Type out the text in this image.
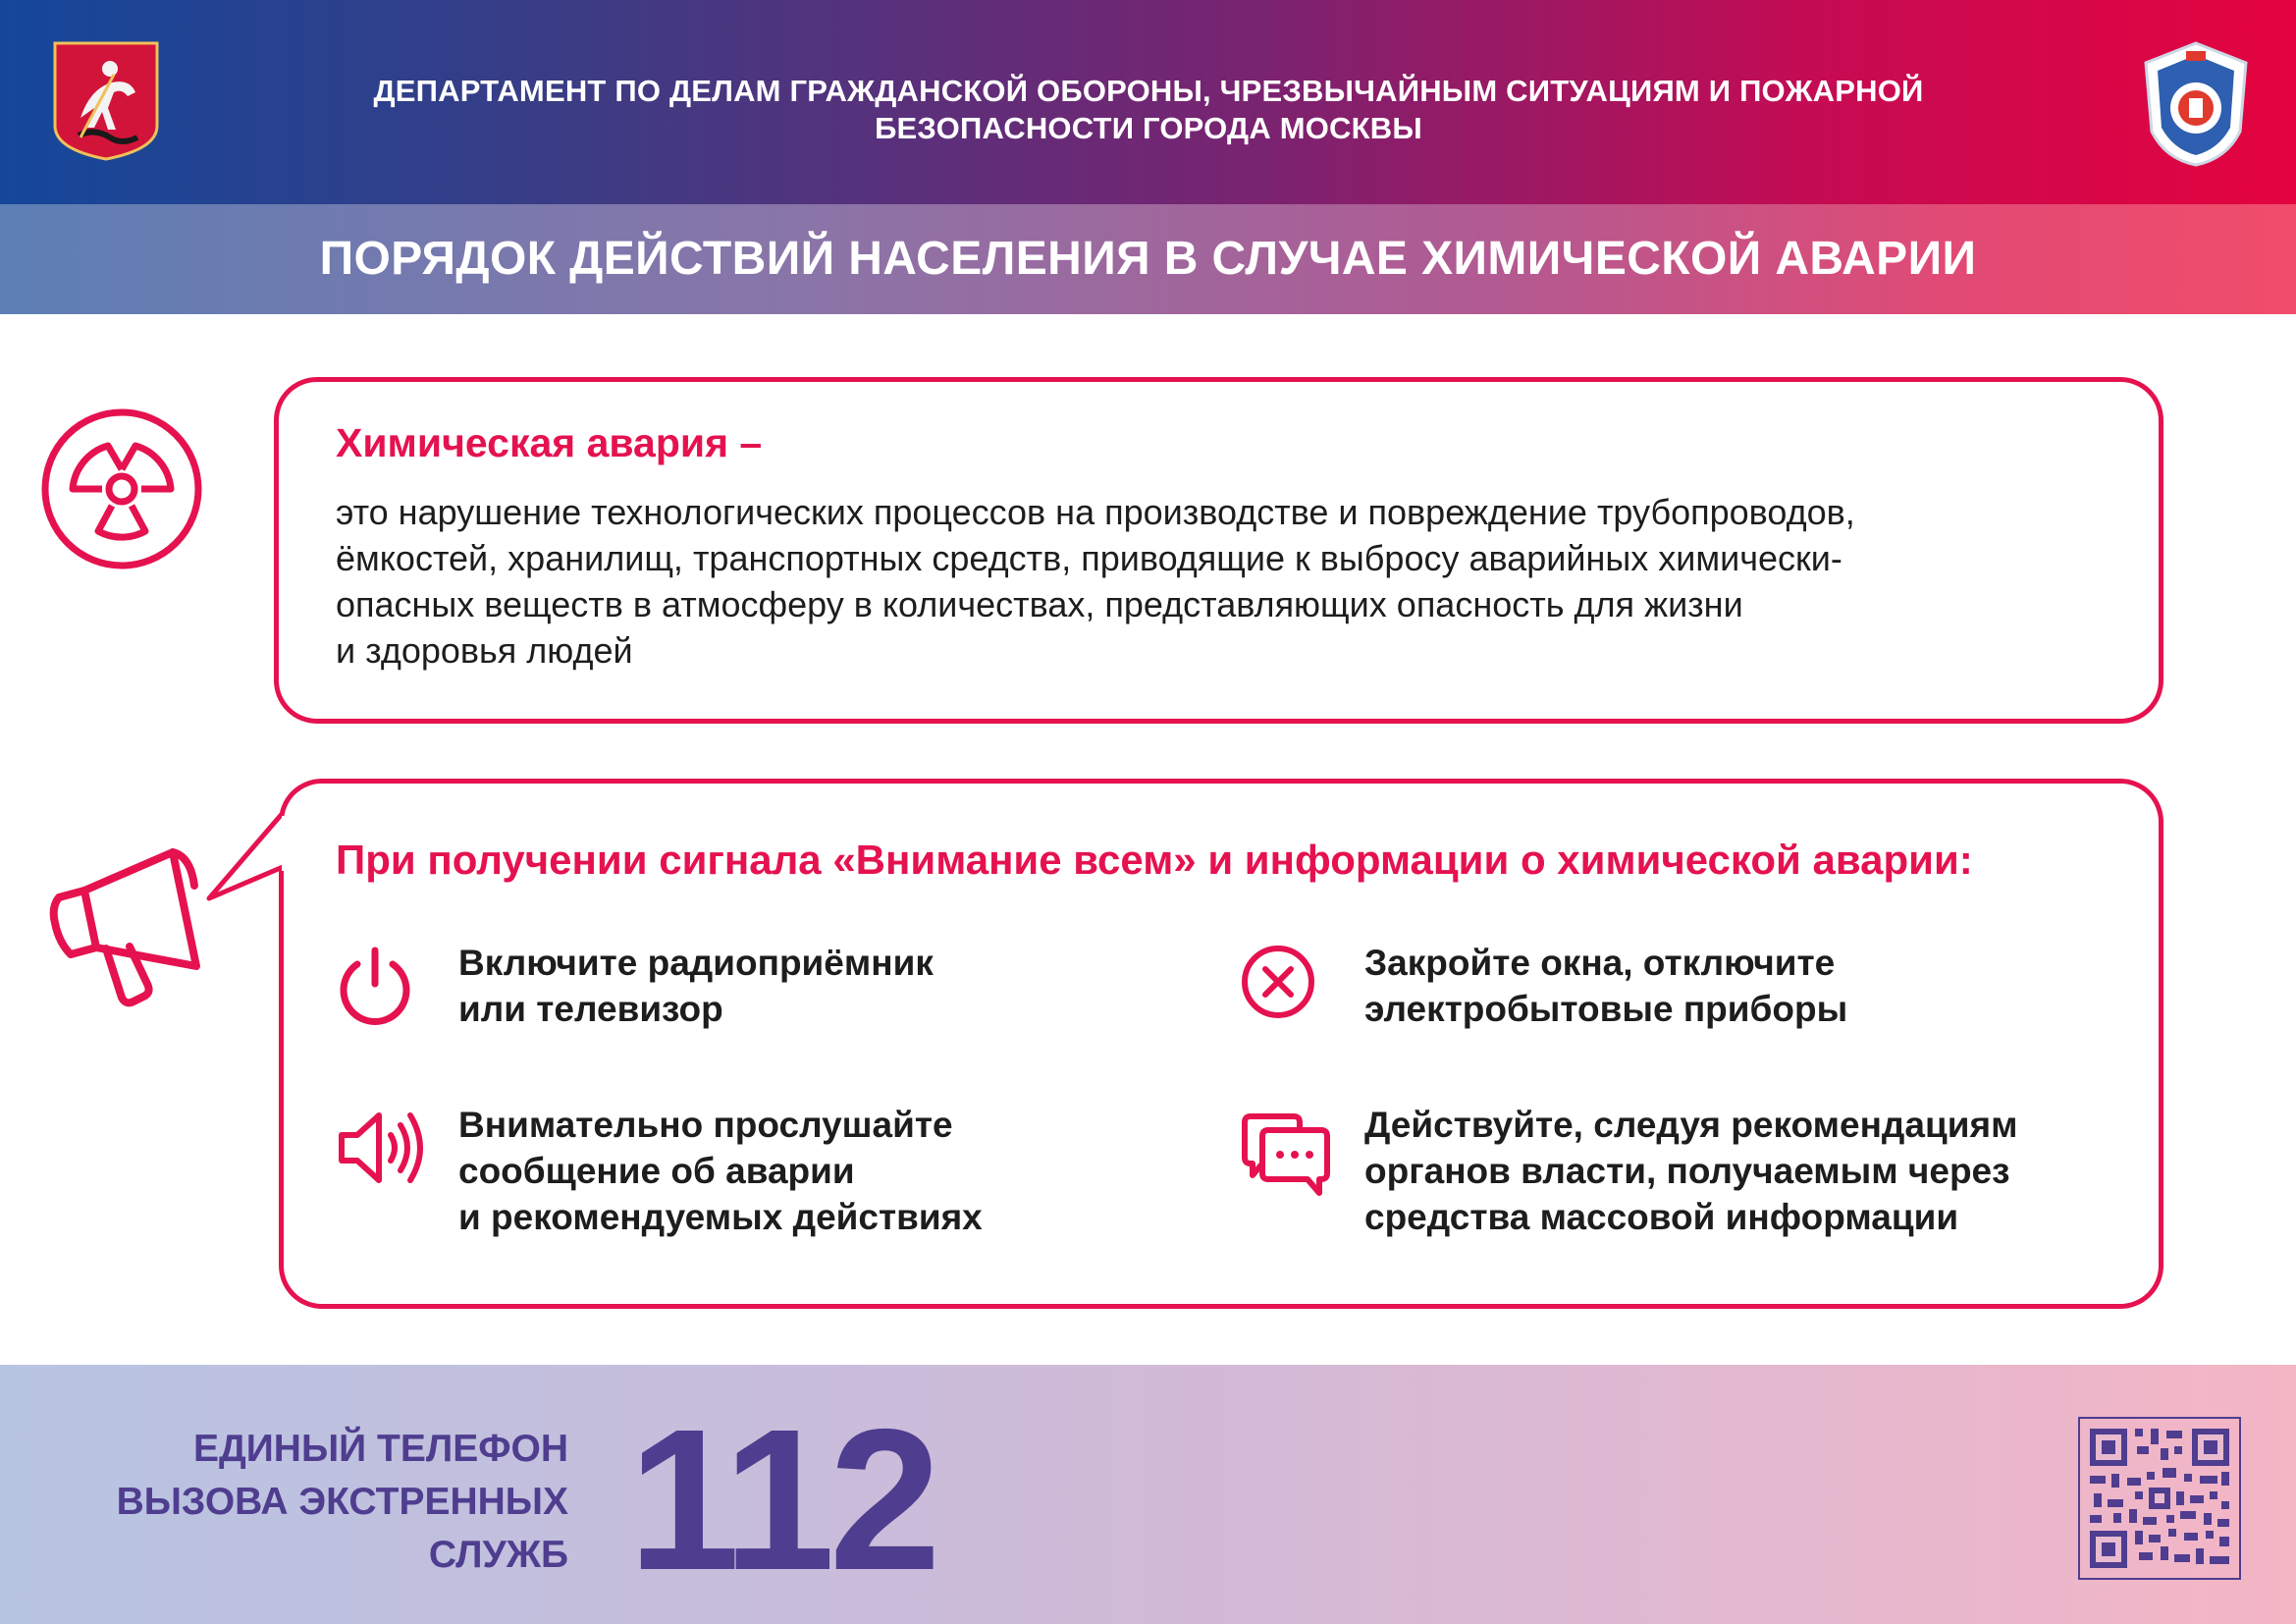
ДЕПАРТАМЕНТ ПО ДЕЛАМ ГРАЖДАНСКОЙ ОБОРОНЫ, ЧРЕЗВЫЧАЙНЫМ СИТУАЦИЯМ И ПОЖАРНОЙ
БЕЗОПАСНОСТИ ГОРОДА МОСКВЫ
ПОРЯДОК ДЕЙСТВИЙ НАСЕЛЕНИЯ В СЛУЧАЕ ХИМИЧЕСКОЙ АВАРИИ
Химическая авария –
это нарушение технологических процессов на производстве и повреждение трубопроводов,
ёмкостей, хранилищ, транспортных средств, приводящие к выбросу аварийных химически-
опасных веществ в атмосферу в количествах, представляющих опасность для жизни
и здоровья людей
При получении сигнала «Внимание всем» и информации о химической аварии:
Включите радиоприёмник
или телевизор
Закройте окна, отключите
электробытовые приборы
Внимательно прослушайте
сообщение об аварии
и рекомендуемых действиях
Действуйте, следуя рекомендациям
органов власти, получаемым через
средства массовой информации
ЕДИНЫЙ ТЕЛЕФОН
ВЫЗОВА ЭКСТРЕННЫХ
СЛУЖБ 112
